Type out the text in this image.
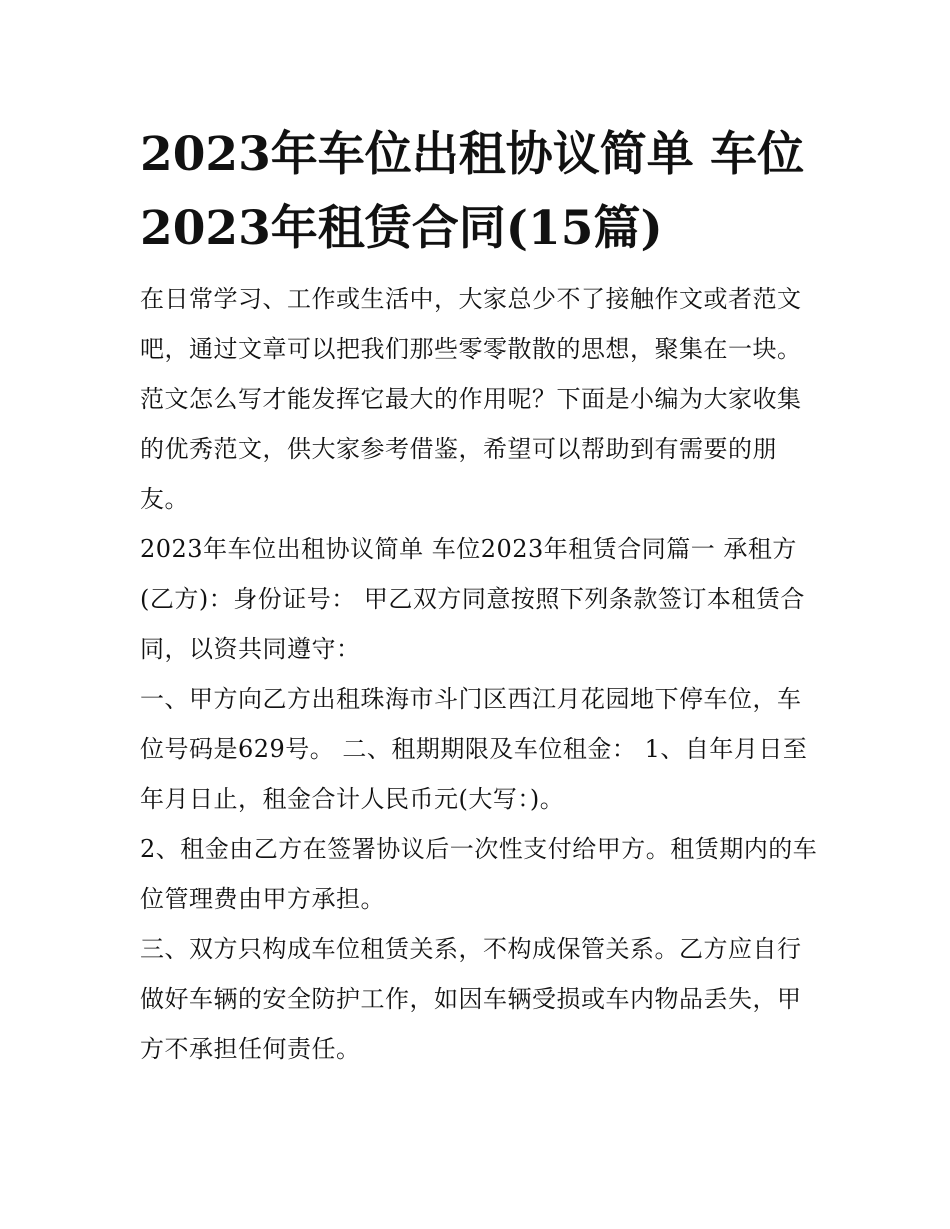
2023年车位出租协议简单 车位2023年租赁合同(15篇)

在日常学习、工作或生活中，大家总少不了接触作文或者范文吧，通过文章可以把我们那些零零散散的思想，聚集在一块。范文怎么写才能发挥它最大的作用呢？下面是小编为大家收集的优秀范文，供大家参考借鉴，希望可以帮助到有需要的朋友。

2023年车位出租协议简单 车位2023年租赁合同篇一 承租方(乙方)：身份证号： 甲乙双方同意按照下列条款签订本租赁合同，以资共同遵守：

一、甲方向乙方出租珠海市斗门区西江月花园地下停车位，车位号码是629号。 二、租期期限及车位租金： 1、自年月日至年月日止，租金合计人民币元(大写：)。

2、租金由乙方在签署协议后一次性支付给甲方。租赁期内的车位管理费由甲方承担。

三、双方只构成车位租赁关系，不构成保管关系。乙方应自行做好车辆的安全防护工作，如因车辆受损或车内物品丢失，甲方不承担任何责任。
